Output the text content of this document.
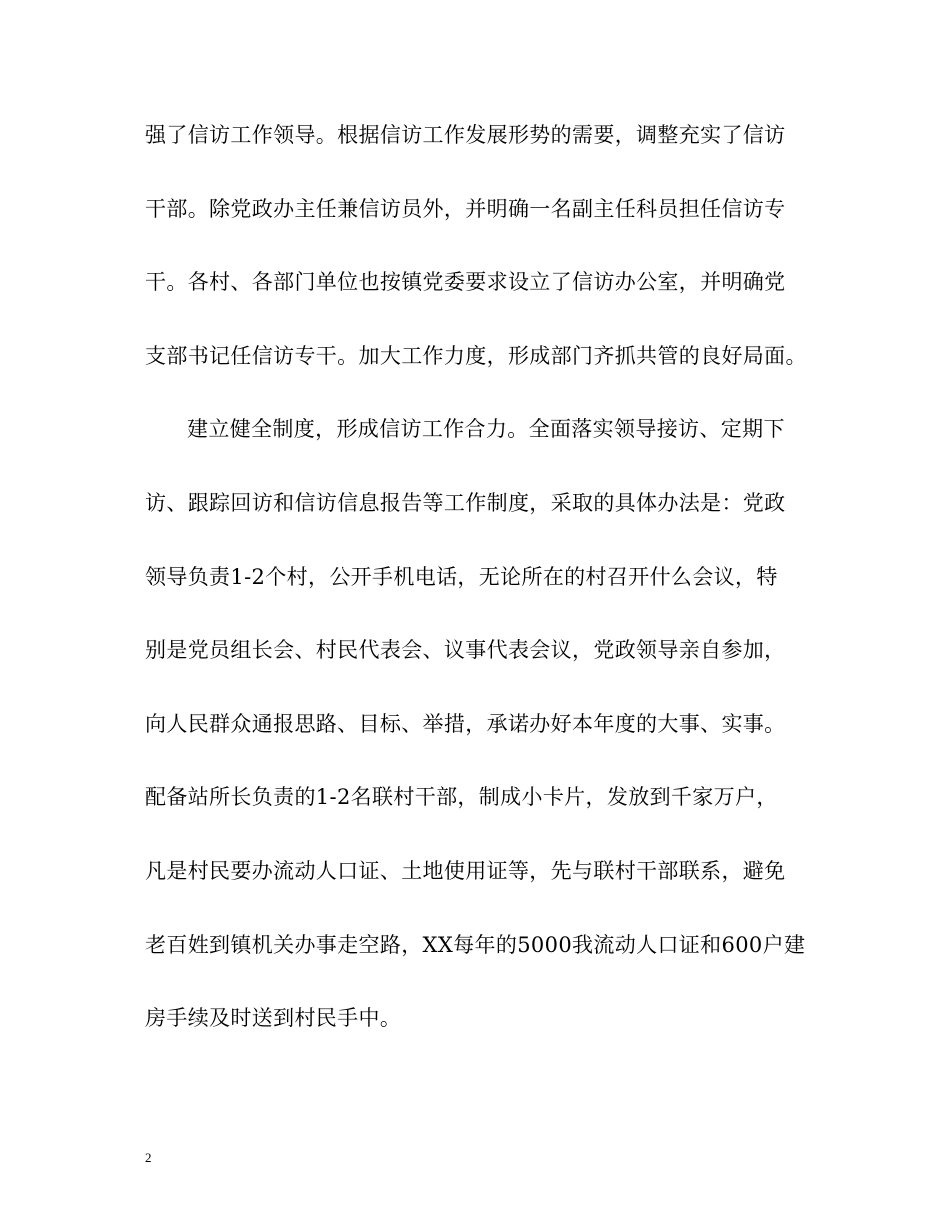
强了信访工作领导。根据信访工作发展形势的需要，调整充实了信访
干部。除党政办主任兼信访员外，并明确一名副主任科员担任信访专
干。各村、各部门单位也按镇党委要求设立了信访办公室，并明确党
支部书记任信访专干。加大工作力度，形成部门齐抓共管的良好局面。
建立健全制度，形成信访工作合力。全面落实领导接访、定期下
访、跟踪回访和信访信息报告等工作制度，采取的具体办法是：党政
领导负责1-2个村，公开手机电话，无论所在的村召开什么会议，特
别是党员组长会、村民代表会、议事代表会议，党政领导亲自参加，
向人民群众通报思路、目标、举措，承诺办好本年度的大事、实事。
配备站所长负责的1-2名联村干部，制成小卡片，发放到千家万户，
凡是村民要办流动人口证、土地使用证等，先与联村干部联系，避免
老百姓到镇机关办事走空路，XX每年的5000我流动人口证和600户建
房手续及时送到村民手中。
2
